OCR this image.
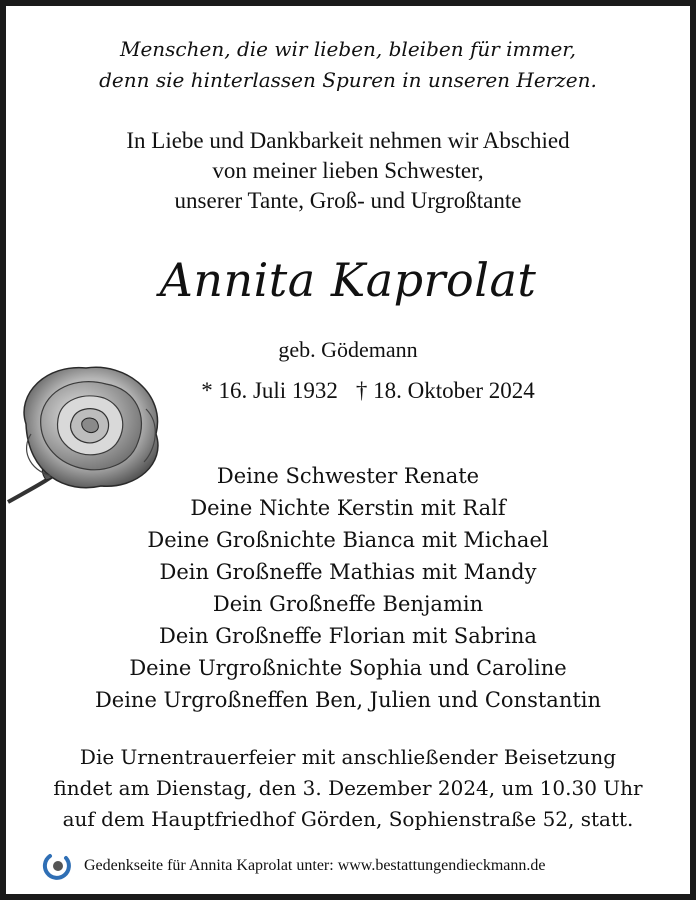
Menschen, die wir lieben, bleiben für immer,
denn sie hinterlassen Spuren in unseren Herzen.
In Liebe und Dankbarkeit nehmen wir Abschied
von meiner lieben Schwester,
unserer Tante, Groß- und Urgroßtante
Annita Kaprolat
geb. Gödemann
* 16. Juli 1932 † 18. Oktober 2024
Deine Schwester Renate
Deine Nichte Kerstin mit Ralf
Deine Großnichte Bianca mit Michael
Dein Großneffe Mathias mit Mandy
Dein Großneffe Benjamin
Dein Großneffe Florian mit Sabrina
Deine Urgroßnichte Sophia und Caroline
Deine Urgroßneffen Ben, Julien und Constantin
Die Urnentrauerfeier mit anschließender Beisetzung
findet am Dienstag, den 3. Dezember 2024, um 10.30 Uhr
auf dem Hauptfriedhof Görden, Sophienstraße 52, statt.
Gedenkseite für Annita Kaprolat unter: www.bestattungendieckmann.de
